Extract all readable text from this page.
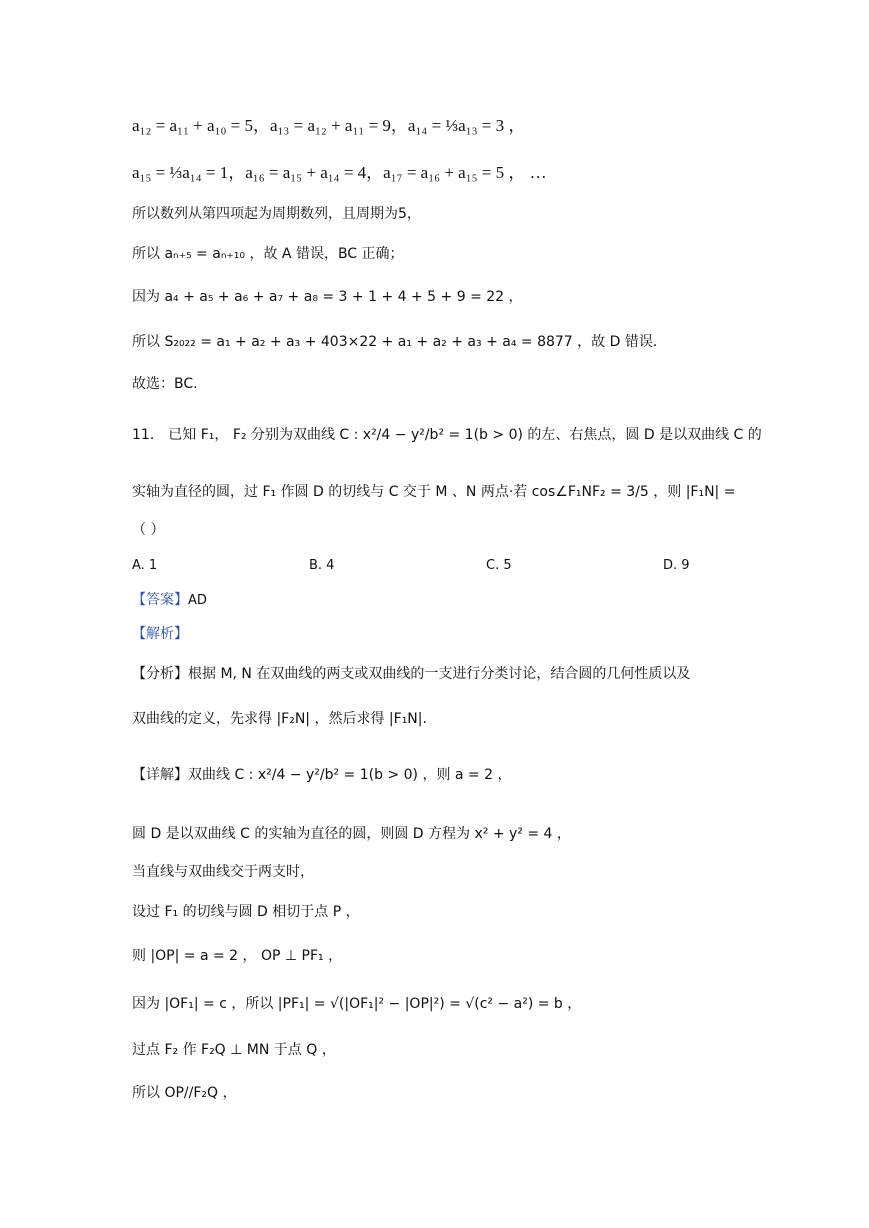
a₁₂ = a₁₁ + a₁₀ = 5，a₁₃ = a₁₂ + a₁₁ = 9，a₁₄ = ⅓a₁₃ = 3 ，
a₁₅ = ⅓a₁₄ = 1，a₁₆ = a₁₅ + a₁₄ = 4，a₁₇ = a₁₆ + a₁₅ = 5 ， …
所以数列从第四项起为周期数列，且周期为5，
所以 aₙ₊₅ = aₙ₊₁₀ ，故 A 错误，BC 正确；
因为 a₄ + a₅ + a₆ + a₇ + a₈ = 3 + 1 + 4 + 5 + 9 = 22 ，
所以 S₂₀₂₂ = a₁ + a₂ + a₃ + 403×22 + a₁ + a₂ + a₃ + a₄ = 8877 ，故 D 错误.
故选：BC.
11． 已知 F₁， F₂ 分别为双曲线 C : x²/4 − y²/b² = 1(b > 0) 的左、右焦点，圆 D 是以双曲线 C 的
实轴为直径的圆，过 F₁ 作圆 D 的切线与 C 交于 M 、N 两点·若 cos∠F₁NF₂ = 3/5 ，则 |F₁N| =
（ ）
A. 1	B. 4	C. 5	D. 9
【答案】AD
【解析】
【分析】根据 M, N 在双曲线的两支或双曲线的一支进行分类讨论，结合圆的几何性质以及
双曲线的定义，先求得 |F₂N| ，然后求得 |F₁N|.
【详解】双曲线 C : x²/4 − y²/b² = 1(b > 0) ，则 a = 2 ，
圆 D 是以双曲线 C 的实轴为直径的圆，则圆 D 方程为 x² + y² = 4 ，
当直线与双曲线交于两支时，
设过 F₁ 的切线与圆 D 相切于点 P ，
则 |OP| = a = 2 ， OP ⊥ PF₁ ，
因为 |OF₁| = c ，所以 |PF₁| = √(|OF₁|² − |OP|²) = √(c² − a²) = b ，
过点 F₂ 作 F₂Q ⊥ MN 于点 Q ，
所以 OP//F₂Q ，
